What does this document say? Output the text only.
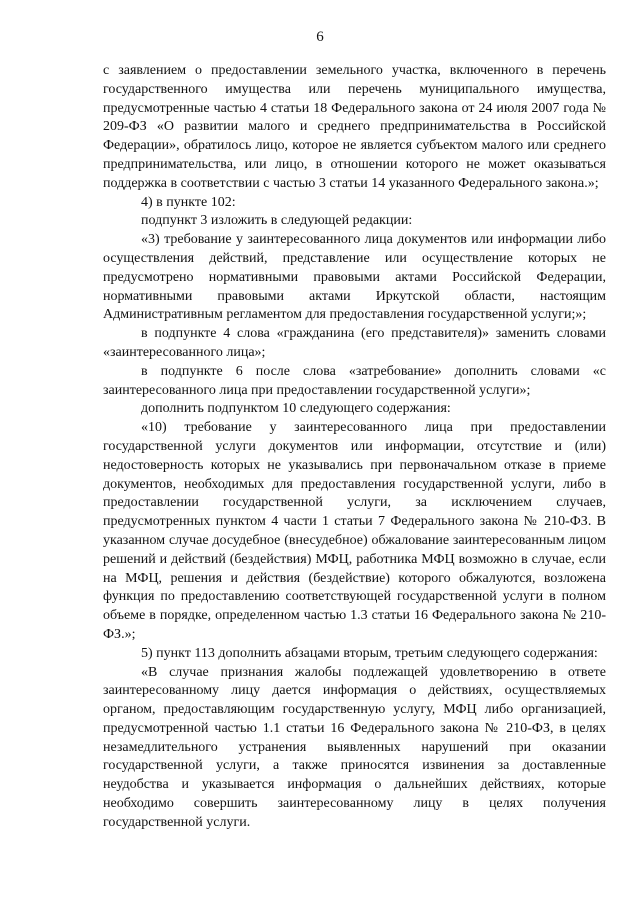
6

с заявлением о предоставлении земельного участка, включенного в перечень государственного имущества или перечень муниципального имущества, предусмотренные частью 4 статьи 18 Федерального закона от 24 июля 2007 года № 209-ФЗ «О развитии малого и среднего предпринимательства в Российской Федерации», обратилось лицо, которое не является субъектом малого или среднего предпринимательства, или лицо, в отношении которого не может оказываться поддержка в соответствии с частью 3 статьи 14 указанного Федерального закона.»;

4) в пункте 102:

подпункт 3 изложить в следующей редакции:

«3) требование у заинтересованного лица документов или информации либо осуществления действий, представление или осуществление которых не предусмотрено нормативными правовыми актами Российской Федерации, нормативными правовыми актами Иркутской области, настоящим Административным регламентом для предоставления государственной услуги;»;

в подпункте 4 слова «гражданина (его представителя)» заменить словами «заинтересованного лица»;

в подпункте 6 после слова «затребование» дополнить словами «с заинтересованного лица при предоставлении государственной услуги»;

дополнить подпунктом 10 следующего содержания:

«10) требование у заинтересованного лица при предоставлении государственной услуги документов или информации, отсутствие и (или) недостоверность которых не указывались при первоначальном отказе в приеме документов, необходимых для предоставления государственной услуги, либо в предоставлении государственной услуги, за исключением случаев, предусмотренных пунктом 4 части 1 статьи 7 Федерального закона № 210-ФЗ. В указанном случае досудебное (внесудебное) обжалование заинтересованным лицом решений и действий (бездействия) МФЦ, работника МФЦ возможно в случае, если на МФЦ, решения и действия (бездействие) которого обжалуются, возложена функция по предоставлению соответствующей государственной услуги в полном объеме в порядке, определенном частью 1.3 статьи 16 Федерального закона № 210-ФЗ.»;

5) пункт 113 дополнить абзацами вторым, третьим следующего содержания:

«В случае признания жалобы подлежащей удовлетворению в ответе заинтересованному лицу дается информация о действиях, осуществляемых органом, предоставляющим государственную услугу, МФЦ либо организацией, предусмотренной частью 1.1 статьи 16 Федерального закона № 210-ФЗ, в целях незамедлительного устранения выявленных нарушений при оказании государственной услуги, а также приносятся извинения за доставленные неудобства и указывается информация о дальнейших действиях, которые необходимо совершить заинтересованному лицу в целях получения государственной услуги.
